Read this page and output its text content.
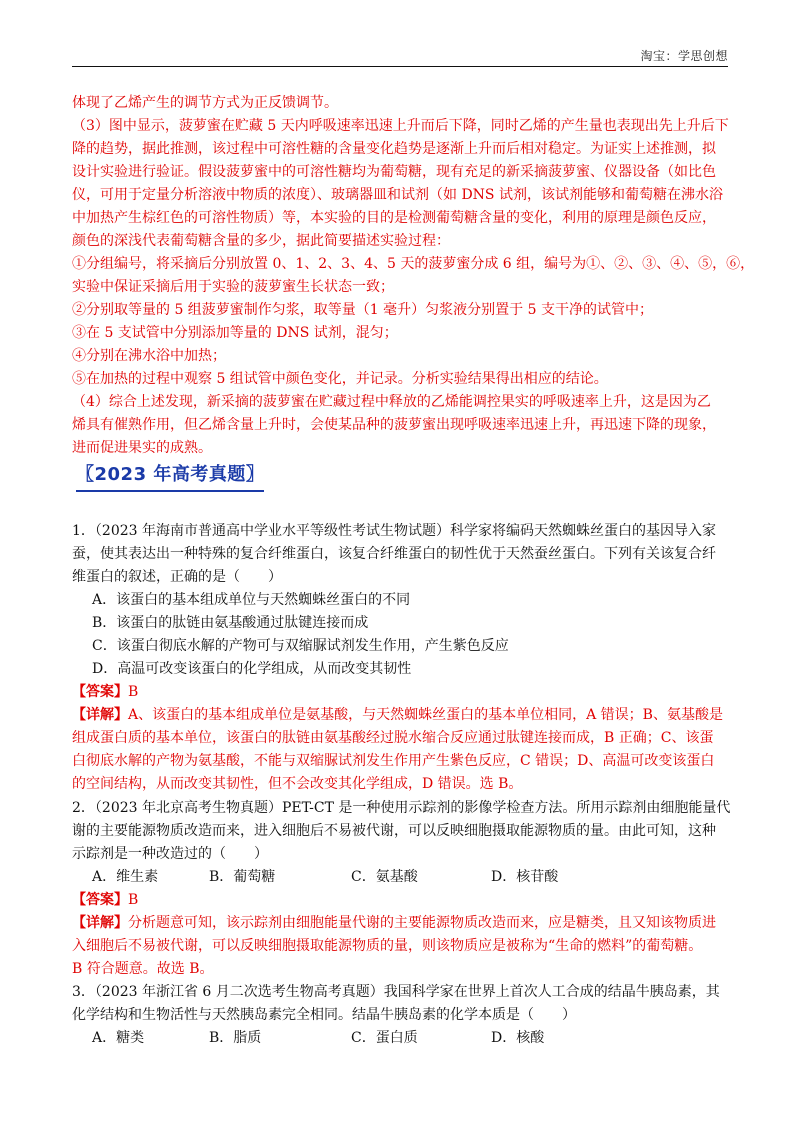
淘宝：学思创想
体现了乙烯产生的调节方式为正反馈调节。
（3）图中显示，菠萝蜜在贮藏 5 天内呼吸速率迅速上升而后下降，同时乙烯的产生量也表现出先上升后下
降的趋势，据此推测，该过程中可溶性糖的含量变化趋势是逐渐上升而后相对稳定。为证实上述推测，拟
设计实验进行验证。假设菠萝蜜中的可溶性糖均为葡萄糖，现有充足的新采摘菠萝蜜、仪器设备（如比色
仪，可用于定量分析溶液中物质的浓度）、玻璃器皿和试剂（如 DNS 试剂，该试剂能够和葡萄糖在沸水浴
中加热产生棕红色的可溶性物质）等，本实验的目的是检测葡萄糖含量的变化，利用的原理是颜色反应，
颜色的深浅代表葡萄糖含量的多少，据此简要描述实验过程：
①分组编号，将采摘后分别放置 0、1、2、3、4、5 天的菠萝蜜分成 6 组，编号为①、②、③、④、⑤，⑥，
实验中保证采摘后用于实验的菠萝蜜生长状态一致；
②分别取等量的 5 组菠萝蜜制作匀浆，取等量（1 毫升）匀浆液分别置于 5 支干净的试管中；
③在 5 支试管中分别添加等量的 DNS 试剂，混匀；
④分别在沸水浴中加热；
⑤在加热的过程中观察 5 组试管中颜色变化，并记录。分析实验结果得出相应的结论。
（4）综合上述发现，新采摘的菠萝蜜在贮藏过程中释放的乙烯能调控果实的呼吸速率上升，这是因为乙
烯具有催熟作用，但乙烯含量上升时，会使某品种的菠萝蜜出现呼吸速率迅速上升，再迅速下降的现象，
进而促进果实的成熟。
〖2023 年高考真题〗
1．（2023 年海南市普通高中学业水平等级性考试生物试题）科学家将编码天然蜘蛛丝蛋白的基因导入家
蚕，使其表达出一种特殊的复合纤维蛋白，该复合纤维蛋白的韧性优于天然蚕丝蛋白。下列有关该复合纤
维蛋白的叙述，正确的是（　　）
A．该蛋白的基本组成单位与天然蜘蛛丝蛋白的不同
B．该蛋白的肽链由氨基酸通过肽键连接而成
C．该蛋白彻底水解的产物可与双缩脲试剂发生作用，产生紫色反应
D．高温可改变该蛋白的化学组成，从而改变其韧性
【答案】B
【详解】A、该蛋白的基本组成单位是氨基酸，与天然蜘蛛丝蛋白的基本单位相同，A 错误；B、氨基酸是
组成蛋白质的基本单位，该蛋白的肽链由氨基酸经过脱水缩合反应通过肽键连接而成，B 正确；C、该蛋
白彻底水解的产物为氨基酸，不能与双缩脲试剂发生作用产生紫色反应，C 错误；D、高温可改变该蛋白
的空间结构，从而改变其韧性，但不会改变其化学组成，D 错误。选 B。
2．（2023 年北京高考生物真题）PET-CT 是一种使用示踪剂的影像学检查方法。所用示踪剂由细胞能量代
谢的主要能源物质改造而来，进入细胞后不易被代谢，可以反映细胞摄取能源物质的量。由此可知，这种
示踪剂是一种改造过的（　　）
A．维生素	B．葡萄糖	C．氨基酸	D．核苷酸
【答案】B
【详解】分析题意可知，该示踪剂由细胞能量代谢的主要能源物质改造而来，应是糖类，且又知该物质进
入细胞后不易被代谢，可以反映细胞摄取能源物质的量，则该物质应是被称为“生命的燃料”的葡萄糖。
B 符合题意。故选 B。
3．（2023 年浙江省 6 月二次选考生物高考真题）我国科学家在世界上首次人工合成的结晶牛胰岛素，其
化学结构和生物活性与天然胰岛素完全相同。结晶牛胰岛素的化学本质是（　　）
A．糖类	B．脂质	C．蛋白质	D．核酸
